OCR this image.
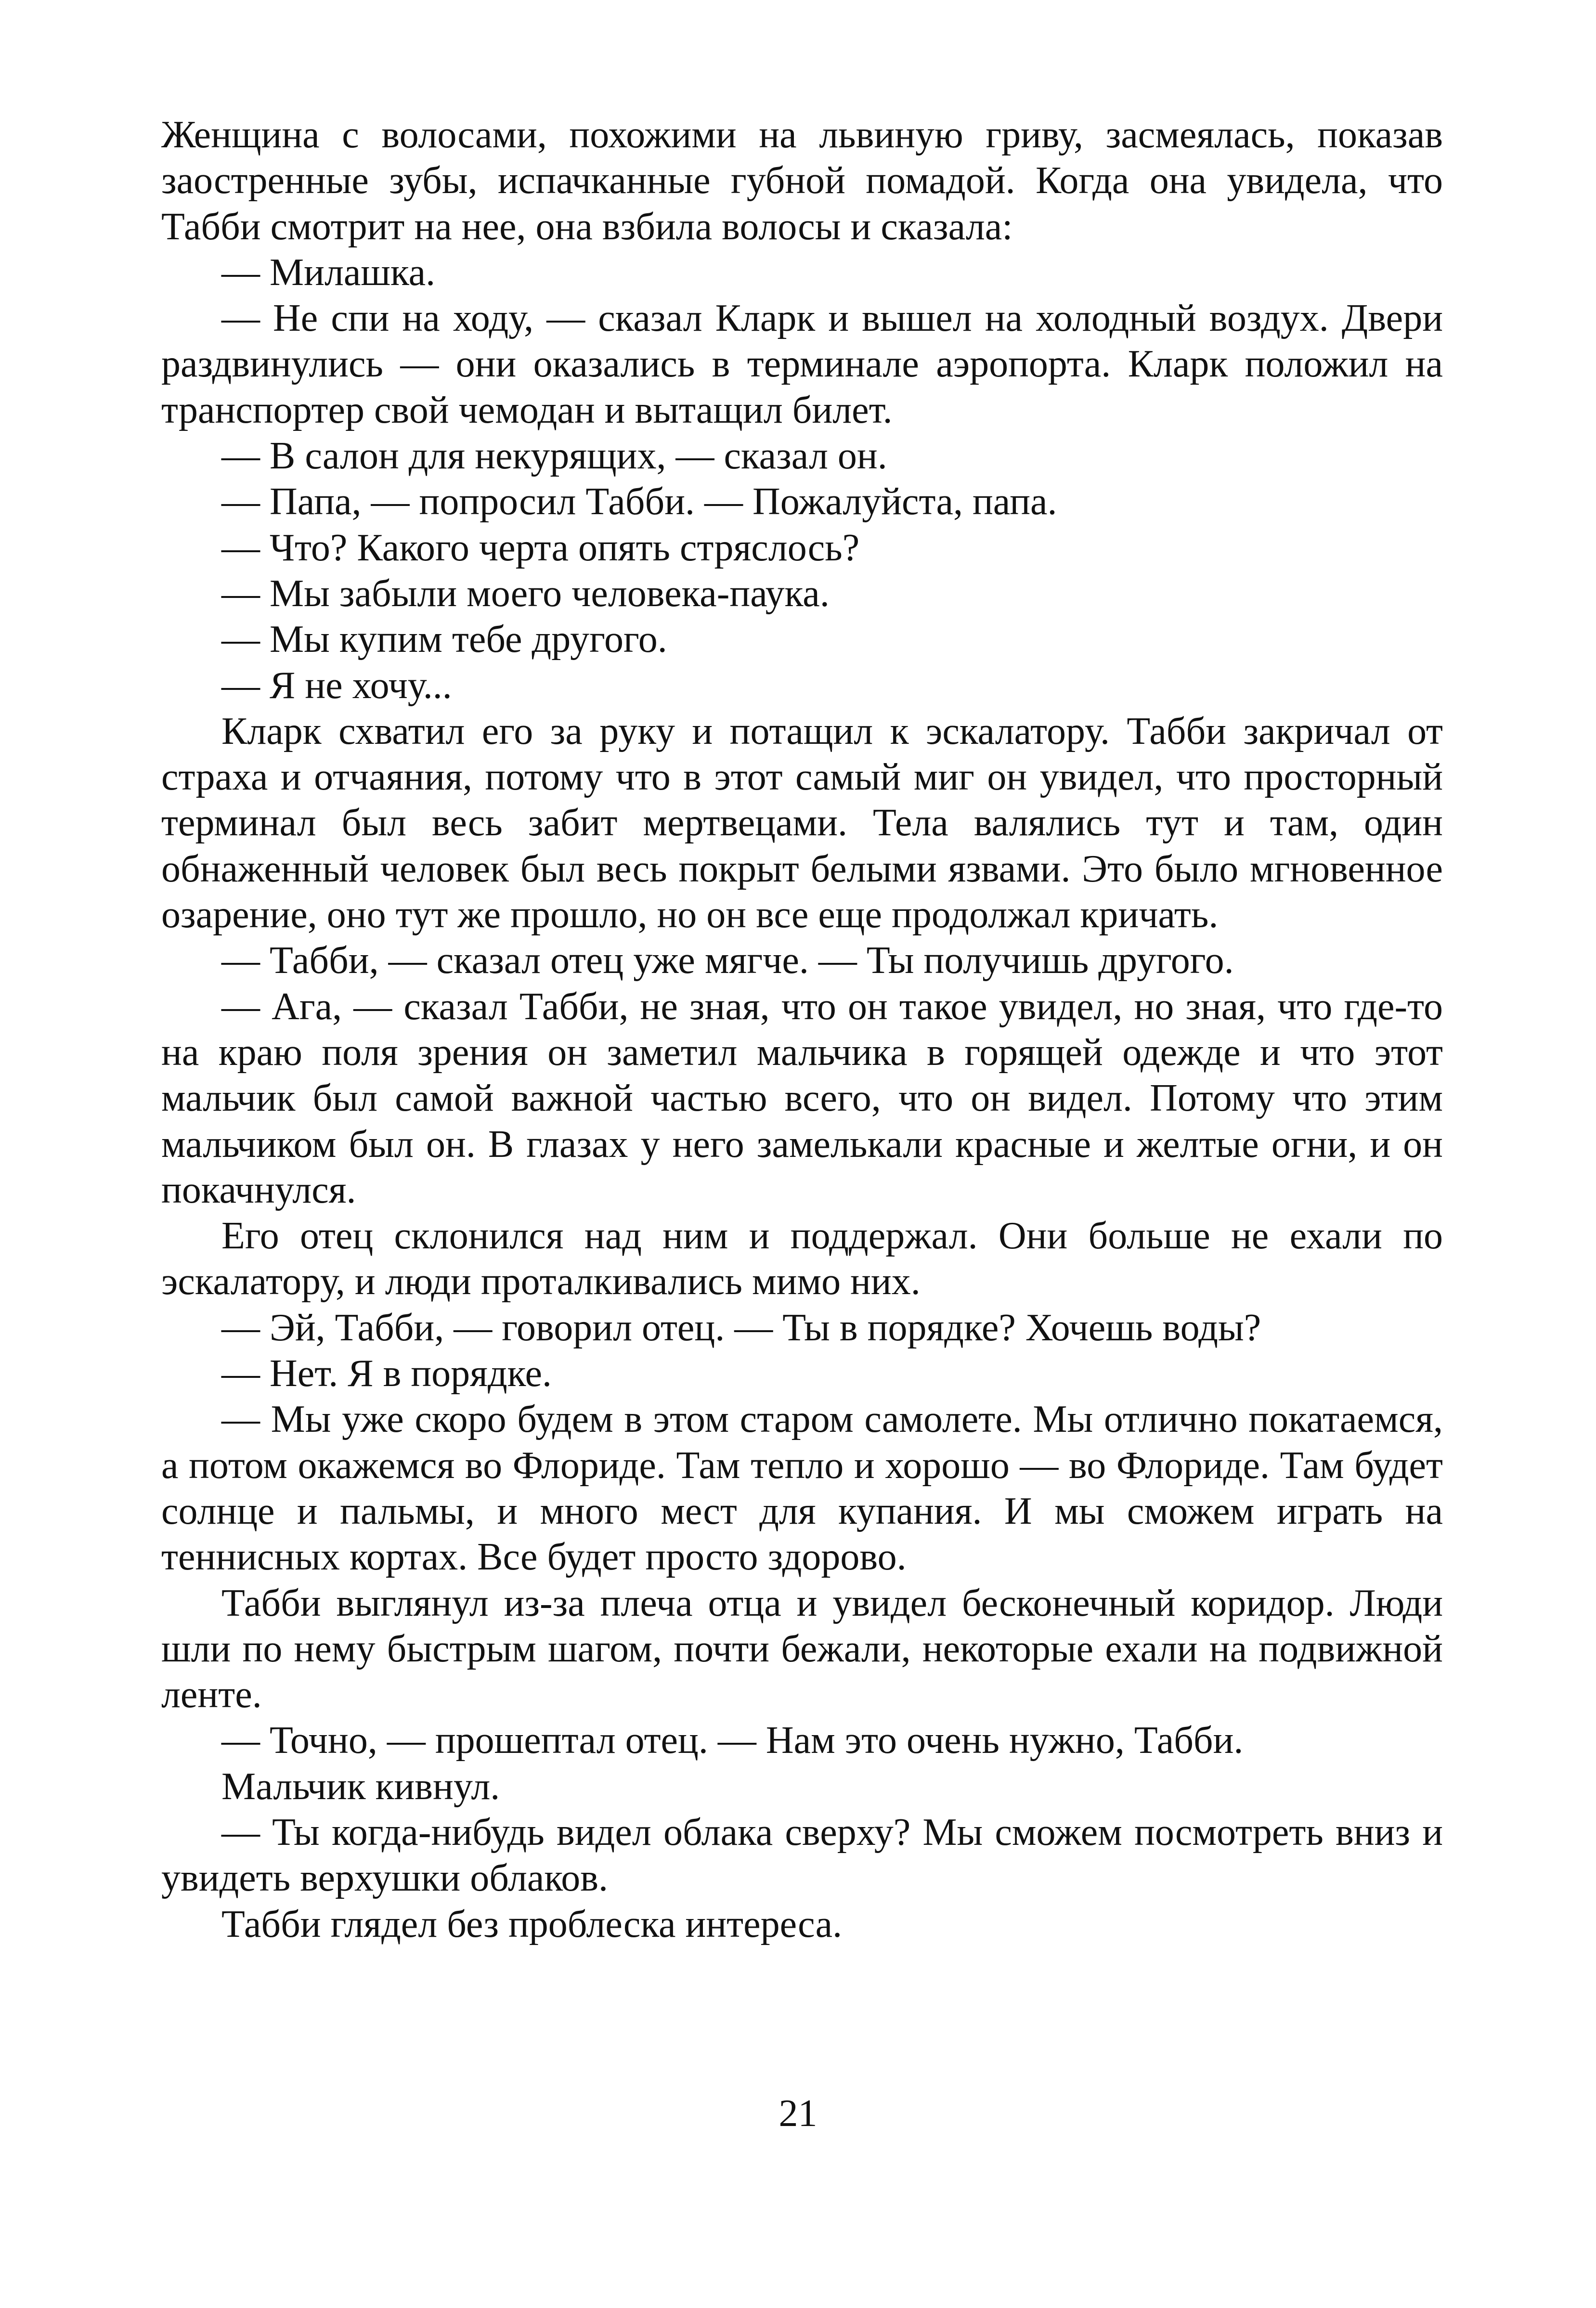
Женщина с волосами, похожими на львиную гриву, засмеялась, показав заостренные зубы, испачканные губной помадой. Когда она увидела, что Табби смотрит на нее, она взбила волосы и сказала:

— Милашка.

— Не спи на ходу, — сказал Кларк и вышел на холодный воздух. Двери раздвинулись — они оказались в терминале аэропорта. Кларк положил на транспортер свой чемодан и вытащил билет.

— В салон для некурящих, — сказал он.

— Папа, — попросил Табби. — Пожалуйста, папа.

— Что? Какого черта опять стряслось?

— Мы забыли моего человека-паука.

— Мы купим тебе другого.

— Я не хочу...

Кларк схватил его за руку и потащил к эскалатору. Табби закричал от страха и отчаяния, потому что в этот самый миг он увидел, что просторный терминал был весь забит мертвецами. Тела валялись тут и там, один обнаженный человек был весь покрыт белыми язвами. Это было мгновенное озарение, оно тут же прошло, но он все еще продолжал кричать.

— Табби, — сказал отец уже мягче. — Ты получишь другого.

— Ага, — сказал Табби, не зная, что он такое увидел, но зная, что где-то на краю поля зрения он заметил мальчика в горящей одежде и что этот мальчик был самой важной частью всего, что он видел. Потому что этим мальчиком был он. В глазах у него замелькали красные и желтые огни, и он покачнулся.

Его отец склонился над ним и поддержал. Они больше не ехали по эскалатору, и люди проталкивались мимо них.

— Эй, Табби, — говорил отец. — Ты в порядке? Хочешь воды?

— Нет. Я в порядке.

— Мы уже скоро будем в этом старом самолете. Мы отлично покатаемся, а потом окажемся во Флориде. Там тепло и хорошо — во Флориде. Там будет солнце и пальмы, и много мест для купания. И мы сможем играть на теннисных кортах. Все будет просто здорово.

Табби выглянул из-за плеча отца и увидел бесконечный коридор. Люди шли по нему быстрым шагом, почти бежали, некоторые ехали на подвижной ленте.

— Точно, — прошептал отец. — Нам это очень нужно, Табби.

Мальчик кивнул.

— Ты когда-нибудь видел облака сверху? Мы сможем посмотреть вниз и увидеть верхушки облаков.

Табби глядел без проблеска интереса.

21
